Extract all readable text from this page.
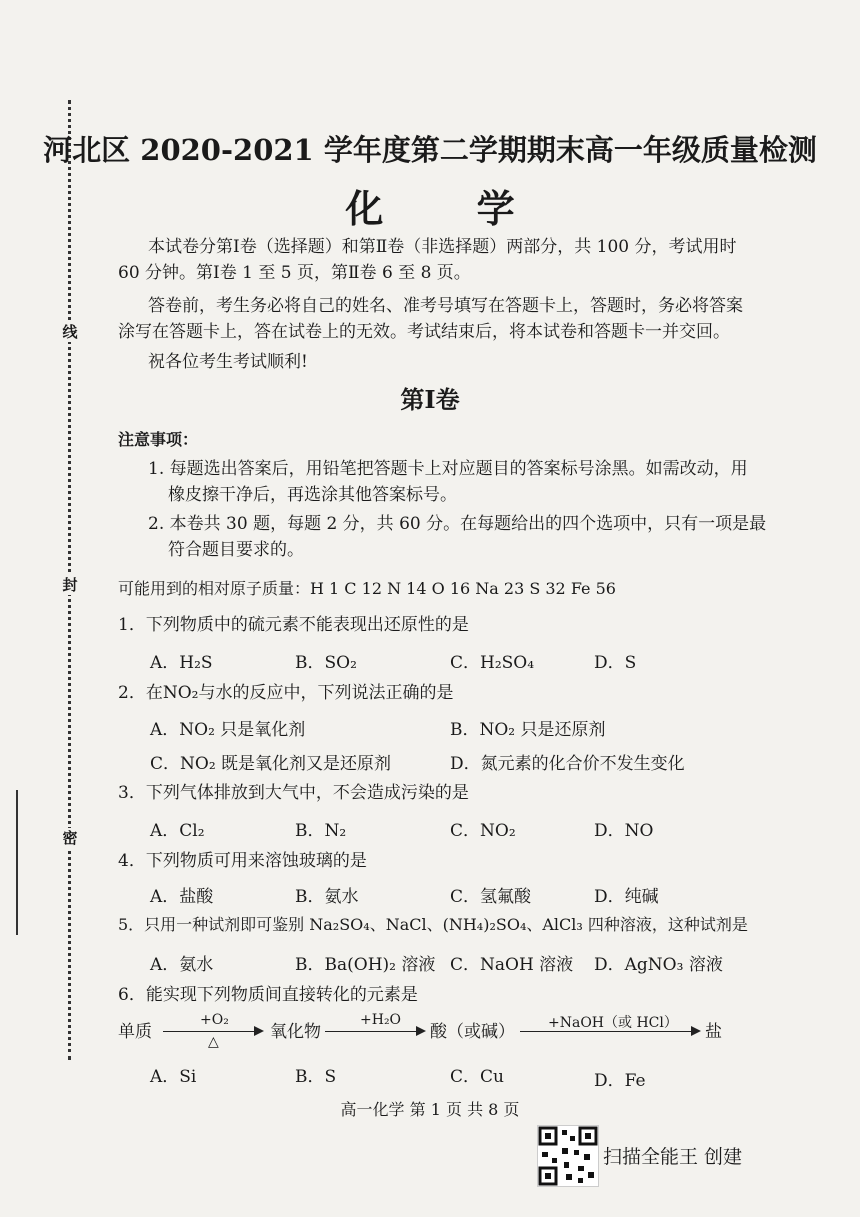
线
封
密
河北区 2020-2021 学年度第二学期期末高一年级质量检测
化 学
本试卷分第Ⅰ卷（选择题）和第Ⅱ卷（非选择题）两部分，共 100 分，考试用时
60 分钟。第Ⅰ卷 1 至 5 页，第Ⅱ卷 6 至 8 页。
答卷前，考生务必将自己的姓名、准考号填写在答题卡上，答题时，务必将答案
涂写在答题卡上，答在试卷上的无效。考试结束后，将本试卷和答题卡一并交回。
祝各位考生考试顺利!
第Ⅰ卷
注意事项：
1. 每题选出答案后，用铅笔把答题卡上对应题目的答案标号涂黑。如需改动，用
橡皮擦干净后，再选涂其他答案标号。
2. 本卷共 30 题，每题 2 分，共 60 分。在每题给出的四个选项中，只有一项是最
符合题目要求的。
可能用到的相对原子质量：H 1 C 12 N 14 O 16 Na 23 S 32 Fe 56
1．下列物质中的硫元素不能表现出还原性的是
A．H₂S	B．SO₂	C．H₂SO₄	D．S
2．在NO₂与水的反应中，下列说法正确的是
A．NO₂ 只是氧化剂	B．NO₂ 只是还原剂
C．NO₂ 既是氧化剂又是还原剂	D．氮元素的化合价不发生变化
3．下列气体排放到大气中，不会造成污染的是
A．Cl₂	B．N₂	C．NO₂	D．NO
4．下列物质可用来溶蚀玻璃的是
A．盐酸	B．氨水	C．氢氟酸	D．纯碱
5．只用一种试剂即可鉴别 Na₂SO₄、NaCl、(NH₄)₂SO₄、AlCl₃ 四种溶液，这种试剂是
A．氨水	B．Ba(OH)₂ 溶液 C．NaOH 溶液 D．AgNO₃ 溶液
6．能实现下列物质间直接转化的元素是
单质
+O₂
△	氧化物
+H₂O
酸（或碱） +NaOH（或 HCl） 盐
A．Si	B．S	C．Cu	D．Fe
高一化学 第 1 页 共 8 页
扫描全能王 创建
